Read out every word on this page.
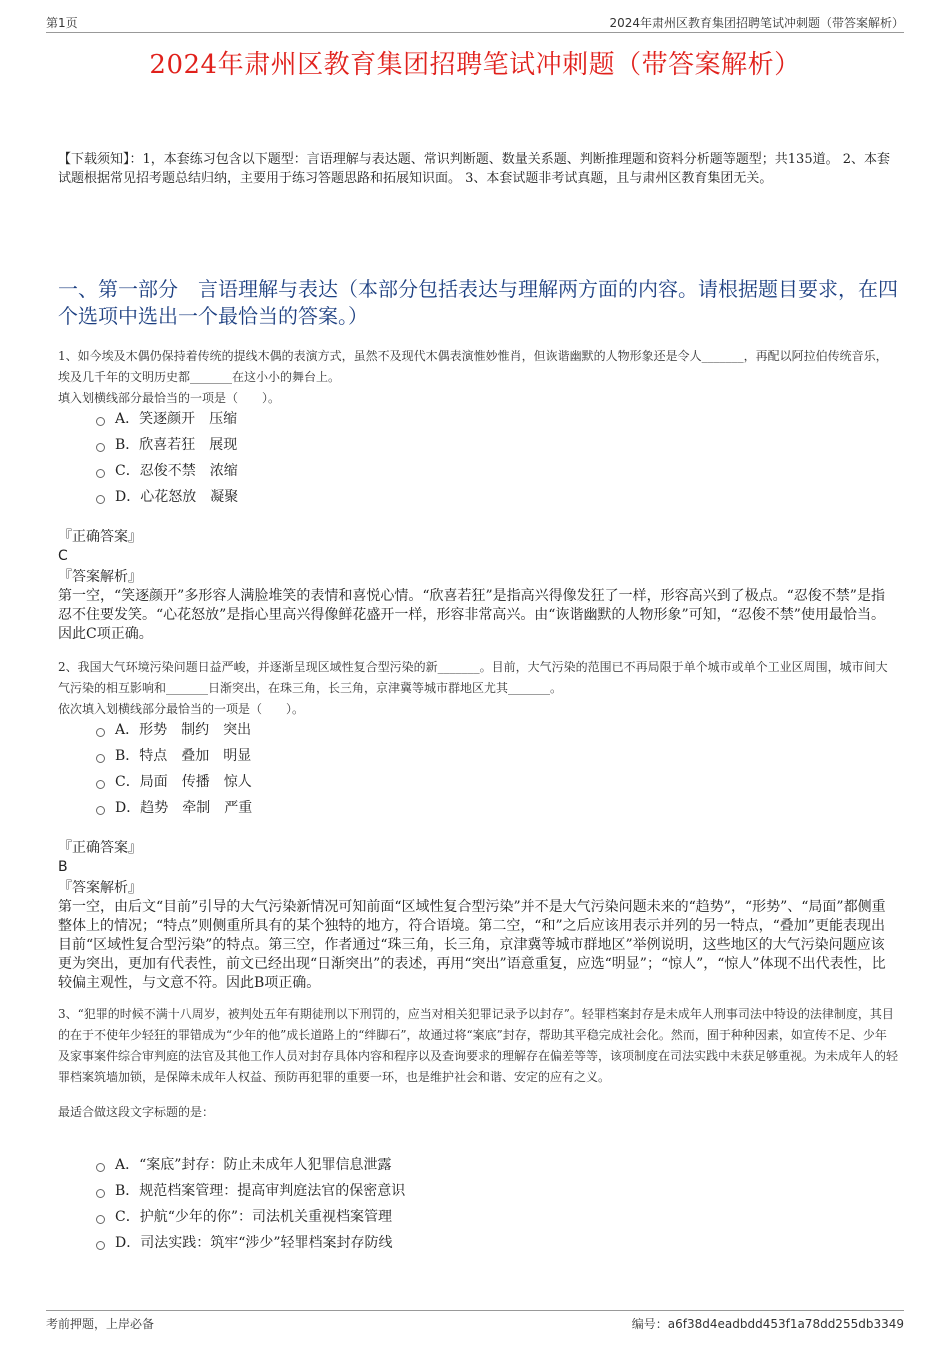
第1页	2024年肃州区教育集团招聘笔试冲刺题（带答案解析）
2024年肃州区教育集团招聘笔试冲刺题（带答案解析）
【下载须知】：1，本套练习包含以下题型：言语理解与表达题、常识判断题、数量关系题、判断推理题和资料分析题等题型；共135道。 2、本套试题根据常见招考题总结归纳，主要用于练习答题思路和拓展知识面。 3、本套试题非考试真题，且与肃州区教育集团无关。
一、第一部分　言语理解与表达（本部分包括表达与理解两方面的内容。请根据题目要求，在四个选项中选出一个最恰当的答案。）
1、如今埃及木偶仍保持着传统的提线木偶的表演方式，虽然不及现代木偶表演惟妙惟肖，但诙谐幽默的人物形象还是令人_______，再配以阿拉伯传统音乐，埃及几千年的文明历史都_______在这小小的舞台上。
填入划横线部分最恰当的一项是（　　）。
A． 笑逐颜开　压缩
B． 欣喜若狂　展现
C． 忍俊不禁　浓缩
D． 心花怒放　凝聚
『正确答案』
C
『答案解析』
第一空，“笑逐颜开”多形容人满脸堆笑的表情和喜悦心情。“欣喜若狂”是指高兴得像发狂了一样，形容高兴到了极点。“忍俊不禁”是指忍不住要发笑。“心花怒放”是指心里高兴得像鲜花盛开一样，形容非常高兴。由“诙谐幽默的人物形象”可知，“忍俊不禁”使用最恰当。因此C项正确。
2、我国大气环境污染问题日益严峻，并逐渐呈现区域性复合型污染的新_______。目前，大气污染的范围已不再局限于单个城市或单个工业区周围，城市间大气污染的相互影响和_______日渐突出，在珠三角，长三角，京津冀等城市群地区尤其_______。
依次填入划横线部分最恰当的一项是（　　）。
A． 形势　制约　突出
B． 特点　叠加　明显
C． 局面　传播　惊人
D． 趋势　牵制　严重
『正确答案』
B
『答案解析』
第一空，由后文“目前”引导的大气污染新情况可知前面“区域性复合型污染”并不是大气污染问题未来的“趋势”，“形势”、“局面”都侧重整体上的情况；“特点”则侧重所具有的某个独特的地方，符合语境。第二空，“和”之后应该用表示并列的另一特点，“叠加”更能表现出目前“区域性复合型污染”的特点。第三空，作者通过“珠三角，长三角，京津冀等城市群地区”举例说明，这些地区的大气污染问题应该更为突出，更加有代表性，前文已经出现“日渐突出”的表述，再用“突出”语意重复，应选“明显”；“惊人”，“惊人”体现不出代表性，比较偏主观性，与文意不符。因此B项正确。
3、“犯罪的时候不满十八周岁，被判处五年有期徒刑以下刑罚的，应当对相关犯罪记录予以封存”。轻罪档案封存是未成年人刑事司法中特设的法律制度，其目的在于不使年少轻狂的罪错成为“少年的他”成长道路上的“绊脚石”，故通过将“案底”封存，帮助其平稳完成社会化。然而，囿于种种因素，如宣传不足、少年及家事案件综合审判庭的法官及其他工作人员对封存具体内容和程序以及查询要求的理解存在偏差等等，该项制度在司法实践中未获足够重视。为未成年人的轻罪档案筑墙加锁，是保障未成年人权益、预防再犯罪的重要一环，也是维护社会和谐、安定的应有之义。
最适合做这段文字标题的是：
A． “案底”封存：防止未成年人犯罪信息泄露
B． 规范档案管理：提高审判庭法官的保密意识
C． 护航“少年的你”：司法机关重视档案管理
D． 司法实践：筑牢“涉少”轻罪档案封存防线
考前押题，上岸必备	编号：a6f38d4eadbdd453f1a78dd255db3349
